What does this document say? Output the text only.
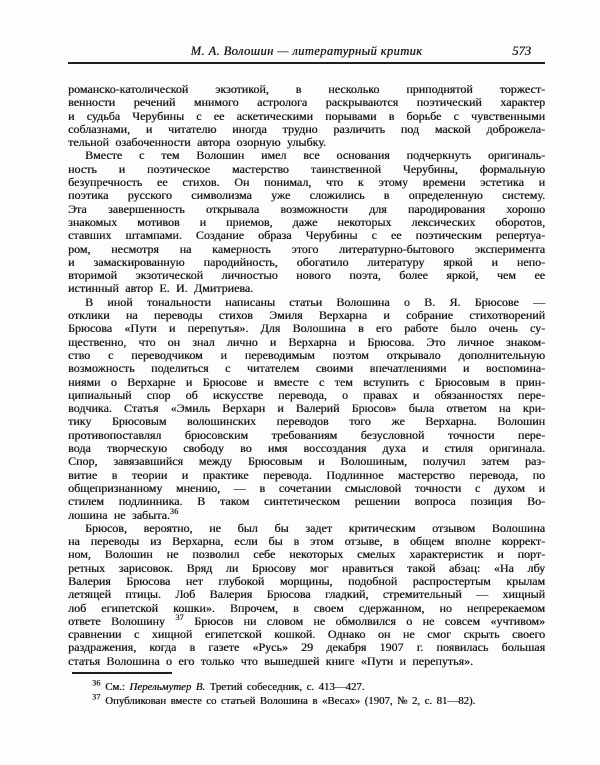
М. А. Волошин — литературный критик	573
романско-католической экзотикой, в несколько приподнятой торжест-
венности речений мнимого астролога раскрываются поэтический характер
и судьба Черубины с ее аскетическими порывами в борьбе с чувственными
соблазнами, и читателю иногда трудно различить под маской доброжела-
тельной озабоченности автора озорную улыбку.
Вместе с тем Волошин имел все основания подчеркнуть оригиналь-
ность и поэтическое мастерство таинственной Черубины, формальную
безупречность ее стихов. Он понимал, что к этому времени эстетика и
поэтика русского символизма уже сложились в определенную систему.
Эта завершенность открывала возможности для пародирования хорошо
знакомых мотивов и приемов, даже некоторых лексических оборотов,
ставших штампами. Создание образа Черубины с ее поэтическим репертуа-
ром, несмотря на камерность этого литературно-бытового эксперимента
и замаскированную пародийность, обогатило литературу яркой и непо-
вторимой экзотической личностью нового поэта, более яркой, чем ее
истинный автор Е. И. Дмитриева.
В иной тональности написаны статьи Волошина о В. Я. Брюсове —
отклики на переводы стихов Эмиля Верхарна и собрание стихотворений
Брюсова «Пути и перепутья». Для Волошина в его работе было очень су-
щественно, что он знал лично и Верхарна и Брюсова. Это личное знаком-
ство с переводчиком и переводимым поэтом открывало дополнительную
возможность поделиться с читателем своими впечатлениями и воспомина-
ниями о Верхарне и Брюсове и вместе с тем вступить с Брюсовым в прин-
ципиальный спор об искусстве перевода, о правах и обязанностях пере-
водчика. Статья «Эмиль Верхарн и Валерий Брюсов» была ответом на кри-
тику Брюсовым волошинских переводов того же Верхарна. Волошин
противопоставлял брюсовским требованиям безусловной точности пере-
вода творческую свободу во имя воссоздания духа и стиля оригинала.
Спор, завязавшийся между Брюсовым и Волошиным, получил затем раз-
витие в теории и практике перевода. Подлинное мастерство перевода, по
общепризнанному мнению, — в сочетании смысловой точности с духом и
стилем подлинника. В таком синтетическом решении вопроса позиция Во-
лошина не забыта.$^{36}$
Брюсов, вероятно, не был бы задет критическим отзывом Волошина
на переводы из Верхарна, если бы в этом отзыве, в общем вполне коррект-
ном, Волошин не позволил себе некоторых смелых характеристик и порт-
ретных зарисовок. Вряд ли Брюсову мог нравиться такой абзац: «На лбу
Валерия Брюсова нет глубокой морщины, подобной распростертым крылам
летящей птицы. Лоб Валерия Брюсова гладкий, стремительный — хищный
лоб египетской кошки». Впрочем, в своем сдержанном, но непререкаемом
ответе Волошину $^{37}$ Брюсов ни словом не обмолвился о не совсем «учтивом»
сравнении с хищной египетской кошкой. Однако он не смог скрыть своего
раздражения, когда в газете «Русь» 29 декабря 1907 г. появилась большая
статья Волошина о его только что вышедшей книге «Пути и перепутья».
$^{36}$ См.: Перельмутер В. Третий собеседник, с. 413—427.
$^{37}$ Опубликован вместе со статьей Волошина в «Весах» (1907, № 2, с. 81—82).
